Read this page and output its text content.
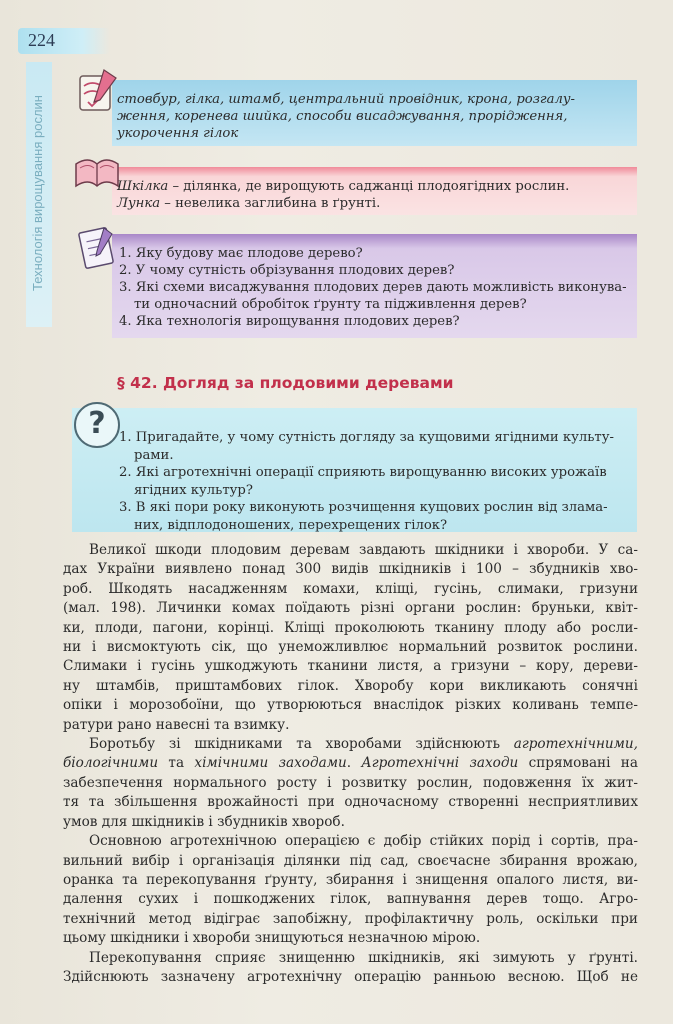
224
Технологія вирощування рослин	стовбур, гілка, штамб, центральний провідник, крона, розгалу-
ження, коренева шийка, способи висаджування, прорідження,
укорочення гілок
Шкілка – ділянка, де вирощують саджанці плодоягідних рослин.
Лунка – невелика заглибина в ґрунті.
1. Яку будову має плодове дерево?
2. У чому сутність обрізування плодових дерев?
3. Які схеми висаджування плодових дерев дають можливість виконува-
ти одночасний обробіток ґрунту та підживлення дерев?
4. Яка технологія вирощування плодових дерев?
§ 42. Догляд за плодовими деревами
?	1. Пригадайте, у чому сутність догляду за кущовими ягідними культу-
рами.
2. Які агротехнічні операції сприяють вирощуванню високих урожаїв
ягідних культур?
3. В які пори року виконують розчищення кущових рослин від злама-
них, відплодоношених, перехрещених гілок?

Великої шкоди плодовим деревам завдають шкідники і хвороби. У са-
дах України виявлено понад 300 видів шкідників і 100 – збудників хво-
роб. Шкодять насадженням комахи, кліщі, гусінь, слимаки, гризуни
(мал. 198). Личинки комах поїдають різні органи рослин: бруньки, квіт-
ки, плоди, пагони, корінці. Кліщі проколюють тканину плоду або росли-
ни і висмоктують сік, що унеможливлює нормальний розвиток рослини.
Слимаки і гусінь ушкоджують тканини листя, а гризуни – кору, дереви-
ну штамбів, приштамбових гілок. Хворобу кори викликають сонячні
опіки і морозобоїни, що утворюються внаслідок різких коливань темпе-
ратури рано навесні та взимку.

Боротьбу зі шкідниками та хворобами здійснюють агротехнічними,
біологічними та хімічними заходами. Агротехнічні заходи спрямовані на
забезпечення нормального росту і розвитку рослин, подовження їх жит-
тя та збільшення врожайності при одночасному створенні несприятливих
умов для шкідників і збудників хвороб.

Основною агротехнічною операцією є добір стійких порід і сортів, пра-
вильний вибір і організація ділянки під сад, своєчасне збирання врожаю,
оранка та перекопування ґрунту, збирання і знищення опалого листя, ви-
далення сухих і пошкоджених гілок, вапнування дерев тощо. Агро-
технічний метод відіграє запобіжну, профілактичну роль, оскільки при
цьому шкідники і хвороби знищуються незначною мірою.

Перекопування сприяє знищенню шкідників, які зимують у ґрунті.
Здійснюють зазначену агротехнічну операцію ранньою весною. Щоб не
